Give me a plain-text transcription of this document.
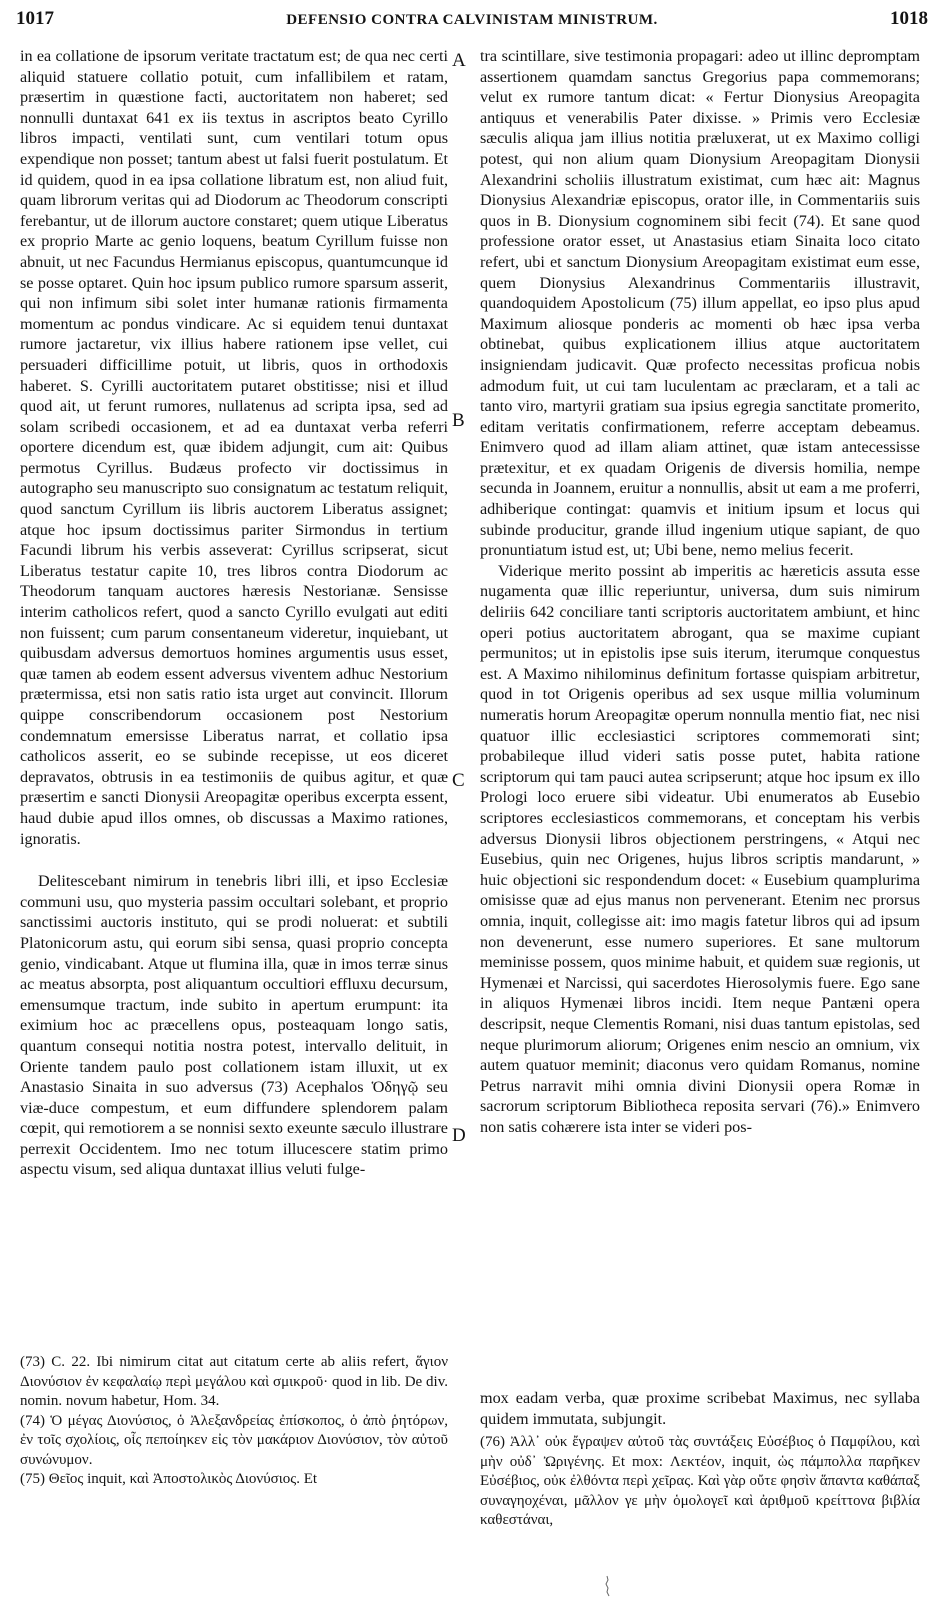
1017	DEFENSIO CONTRA CALVINISTAM MINISTRUM.	1018
A
B
C
D

in ea collatione de ipsorum veritate tractatum est; de qua nec certi aliquid statuere collatio potuit, cum infallibilem et ratam, præsertim in quæstione facti, auctoritatem non haberet; sed nonnulli duntaxat 641 ex iis textus in ascriptos beato Cyrillo libros impacti, ventilati sunt, cum ventilari totum opus expendique non posset; tantum abest ut falsi fuerit postulatum. Et id quidem, quod in ea ipsa collatione libratum est, non aliud fuit, quam librorum veritas qui ad Diodorum ac Theodorum conscripti ferebantur, ut de illorum auctore constaret; quem utique Liberatus ex proprio Marte ac genio loquens, beatum Cyrillum fuisse non abnuit, ut nec Facundus Hermianus episcopus, quantumcunque id se posse optaret. Quin hoc ipsum publico rumore sparsum asserit, qui non infimum sibi solet inter humanæ rationis firmamenta momentum ac pondus vindicare. Ac si equidem tenui duntaxat rumore jactaretur, vix illius habere rationem ipse vellet, cui persuaderi difficillime potuit, ut libris, quos in orthodoxis haberet. S. Cyrilli auctoritatem putaret obstitisse; nisi et illud quod ait, ut ferunt rumores, nullatenus ad scripta ipsa, sed ad solam scribedi occasionem, et ad ea duntaxat verba referri oportere dicendum est, quæ ibidem adjungit, cum ait: Quibus permotus Cyrillus. Budæus profecto vir doctissimus in autographo seu manuscripto suo consignatum ac testatum reliquit, quod sanctum Cyrillum iis libris auctorem Liberatus assignet; atque hoc ipsum doctissimus pariter Sirmondus in tertium Facundi librum his verbis asseverat: Cyrillus scripserat, sicut Liberatus testatur capite 10, tres libros contra Diodorum ac Theodorum tanquam auctores hæresis Nestorianæ. Sensisse interim catholicos refert, quod a sancto Cyrillo evulgati aut editi non fuissent; cum parum consentaneum videretur, inquiebant, ut quibusdam adversus demortuos homines argumentis usus esset, quæ tamen ab eodem essent adversus viventem adhuc Nestorium prætermissa, etsi non satis ratio ista urget aut convincit. Illorum quippe conscribendorum occasionem post Nestorium condemnatum emersisse Liberatus narrat, et collatio ipsa catholicos asserit, eo se subinde recepisse, ut eos diceret depravatos, obtrusis in ea testimoniis de quibus agitur, et quæ præsertim e sancti Dionysii Areopagitæ operibus excerpta essent, haud dubie apud illos omnes, ob discussas a Maximo rationes, ignoratis.

Delitescebant nimirum in tenebris libri illi, et ipso Ecclesiæ communi usu, quo mysteria passim occultari solebant, et proprio sanctissimi auctoris instituto, qui se prodi noluerat: et subtili Platonicorum astu, qui eorum sibi sensa, quasi proprio concepta genio, vindicabant. Atque ut flumina illa, quæ in imos terræ sinus ac meatus absorpta, post aliquantum occultiori effluxu decursum, emensumque tractum, inde subito in apertum erumpunt: ita eximium hoc ac præcellens opus, posteaquam longo satis, quantum consequi notitia nostra potest, intervallo delituit, in Oriente tandem paulo post collationem istam illuxit, ut ex Anastasio Sinaita in suo adversus (73) Acephalos Ὁδηγῷ seu viæ-duce compestum, et eum diffundere splendorem palam cœpit, qui remotiorem a se nonnisi sexto exeunte sæculo illustrare perrexit Occidentem. Imo nec totum illucescere statim primo aspectu visum, sed aliqua duntaxat illius veluti fulge-

tra scintillare, sive testimonia propagari: adeo ut illinc depromptam assertionem quamdam sanctus Gregorius papa commemorans; velut ex rumore tantum dicat: « Fertur Dionysius Areopagita antiquus et venerabilis Pater dixisse. » Primis vero Ecclesiæ sæculis aliqua jam illius notitia præluxerat, ut ex Maximo colligi potest, qui non alium quam Dionysium Areopagitam Dionysii Alexandrini scholiis illustratum existimat, cum hæc ait: Magnus Dionysius Alexandriæ episcopus, orator ille, in Commentariis suis quos in B. Dionysium cognominem sibi fecit (74). Et sane quod professione orator esset, ut Anastasius etiam Sinaita loco citato refert, ubi et sanctum Dionysium Areopagitam existimat eum esse, quem Dionysius Alexandrinus Commentariis illustravit, quandoquidem Apostolicum (75) illum appellat, eo ipso plus apud Maximum aliosque ponderis ac momenti ob hæc ipsa verba obtinebat, quibus explicationem illius atque auctoritatem insigniendam judicavit. Quæ profecto necessitas proficua nobis admodum fuit, ut cui tam luculentam ac præclaram, et a tali ac tanto viro, martyrii gratiam sua ipsius egregia sanctitate promerito, editam veritatis confirmationem, referre acceptam debeamus. Enimvero quod ad illam aliam attinet, quæ istam antecessisse prætexitur, et ex quadam Origenis de diversis homilia, nempe secunda in Joannem, eruitur a nonnullis, absit ut eam a me proferri, adhiberique contingat: quamvis et initium ipsum et locus qui subinde producitur, grande illud ingenium utique sapiant, de quo pronuntiatum istud est, ut; Ubi bene, nemo melius fecerit.

Viderique merito possint ab imperitis ac hæreticis assuta esse nugamenta quæ illic reperiuntur, universa, dum suis nimirum deliriis 642 conciliare tanti scriptoris auctoritatem ambiunt, et hinc operi potius auctoritatem abrogant, qua se maxime cupiant permunitos; ut in epistolis ipse suis iterum, iterumque conquestus est. A Maximo nihilominus definitum fortasse quispiam arbitretur, quod in tot Origenis operibus ad sex usque millia voluminum numeratis horum Areopagitæ operum nonnulla mentio fiat, nec nisi quatuor illic ecclesiastici scriptores commemorati sint; probabileque illud videri satis posse putet, habita ratione scriptorum qui tam pauci autea scripserunt; atque hoc ipsum ex illo Prologi loco eruere sibi videatur. Ubi enumeratos ab Eusebio scriptores ecclesiasticos commemorans, et conceptam his verbis adversus Dionysii libros objectionem perstringens, « Atqui nec Eusebius, quin nec Origenes, hujus libros scriptis mandarunt, » huic objectioni sic respondendum docet: « Eusebium quamplurima omisisse quæ ad ejus manus non pervenerant. Etenim nec prorsus omnia, inquit, collegisse ait: imo magis fatetur libros qui ad ipsum non devenerunt, esse numero superiores. Et sane multorum meminisse possem, quos minime habuit, et quidem suæ regionis, ut Hymenæi et Narcissi, qui sacerdotes Hierosolymis fuere. Ego sane in aliquos Hymenæi libros incidi. Item neque Pantæni opera descripsit, neque Clementis Romani, nisi duas tantum epistolas, sed neque plurimorum aliorum; Origenes enim nescio an omnium, vix autem quatuor meminit; diaconus vero quidam Romanus, nomine Petrus narravit mihi omnia divini Dionysii opera Romæ in sacrorum scriptorum Bibliotheca reposita servari (76).» Enimvero non satis cohærere ista inter se videri pos-

(73) C. 22. Ibi nimirum citat aut citatum certe ab aliis refert, ἅγιον Διονύσιον ἐν κεφαλαίῳ περὶ μεγάλου καὶ σμικροῦ· quod in lib. De div. nomin. novum habetur, Hom. 34.

(74) Ὁ μέγας Διονύσιος, ὁ Ἀλεξανδρείας ἐπίσκοπος, ὁ ἀπὸ ῥητόρων, ἐν τοῖς σχολίοις, οἷς πεποίηκεν εἰς τὸν μακάριον Διονύσιον, τὸν αὐτοῦ συνώνυμον.

(75) Θεῖος inquit, καὶ Ἀποστολικὸς Διονύσιος. Et

mox eadam verba, quæ proxime scribebat Maximus, nec syllaba quidem immutata, subjungit.

(76) Ἀλλ᾽ οὐκ ἔγραψεν αὐτοῦ τὰς συντάξεις Εὐσέβιος ὁ Παμφίλου, καὶ μὴν οὐδ᾽ Ὠριγένης. Et mox: Λεκτέον, inquit, ὡς πάμπολλα παρῆκεν Εὐσέβιος, οὐκ ἐλθόντα περὶ χεῖρας. Καὶ γὰρ οὔτε φησὶν ἅπαντα καθάπαξ συναγηοχέναι, μᾶλλον γε μὴν ὁμολογεῖ καὶ ἀριθμοῦ κρείττονα βιβλία καθεστάναι,
